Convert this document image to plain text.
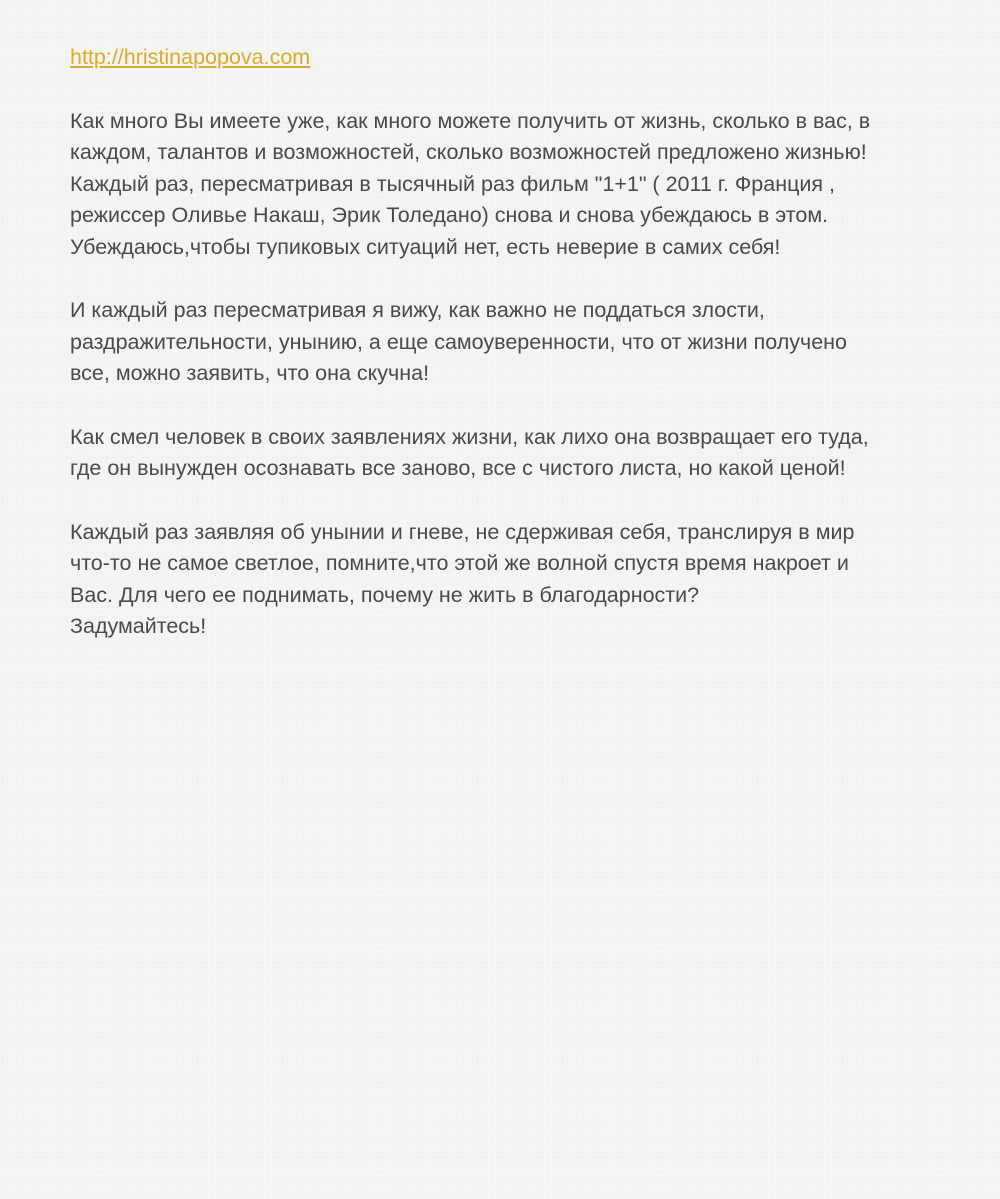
http://hristinapopova.com

Как много Вы имеете уже, как много можете получить от жизнь, сколько в вас, в
каждом, талантов и возможностей, сколько возможностей предложено жизнью!
Каждый раз, пересматривая в тысячный раз фильм "1+1" ( 2011 г. Франция ,
режиссер Оливье Накаш, Эрик Толедано) снова и снова убеждаюсь в этом.
Убеждаюсь,чтобы тупиковых ситуаций нет, есть неверие в самих себя!

И каждый раз пересматривая я вижу, как важно не поддаться злости,
раздражительности, унынию, а еще самоуверенности, что от жизни получено
все, можно заявить, что она скучна!

Как смел человек в своих заявлениях жизни, как лихо она возвращает его туда,
где он вынужден осознавать все заново, все с чистого листа, но какой ценой!

Каждый раз заявляя об унынии и гневе, не сдерживая себя, транслируя в мир
что-то не самое светлое, помните,что этой же волной спустя время накроет и
Вас. Для чего ее поднимать, почему не жить в благодарности?
Задумайтесь!
